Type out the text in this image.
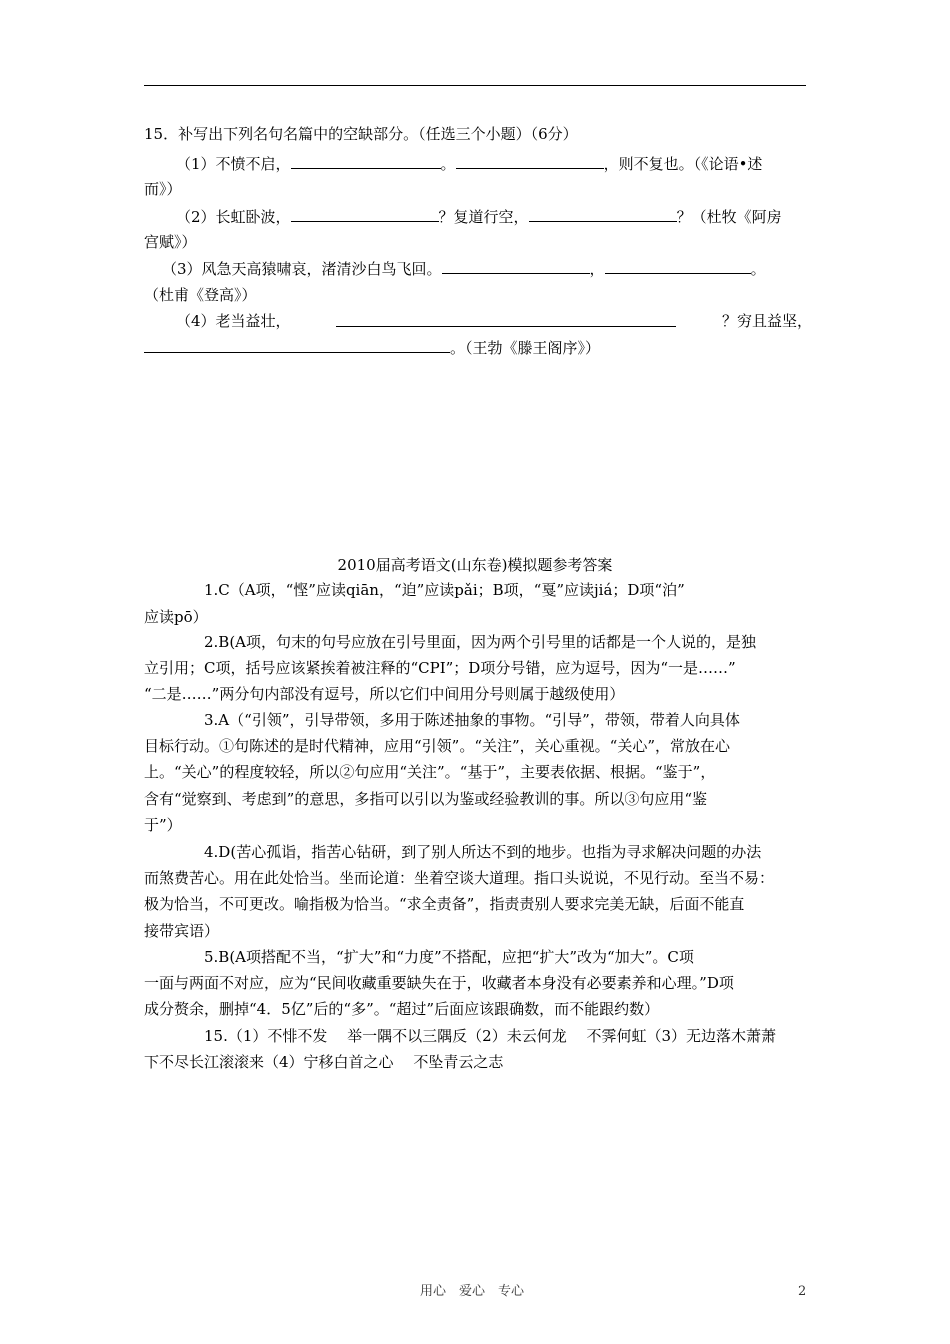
15．补写出下列名句名篇中的空缺部分。（任选三个小题）（6分）
（1）不愤不启，	。	，则不复也。（《论语•述
而》）
（2）长虹卧波，	？复道行空，	？（杜牧《阿房
宫赋》）
（3）风急天高猿啸哀，渚清沙白鸟飞回。	，	。
（杜甫《登高》）
（4）老当益壮，	？穷且益坚，
。（王勃《滕王阁序》）
2010届高考语文(山东卷)模拟题参考答案
1.C（A项，“悭”应读qiān，“迫”应读pǎi；B项，“戛”应读jiá；D项“泊”
应读pō）
2.B(A项，句末的句号应放在引号里面，因为两个引号里的话都是一个人说的，是独
立引用；C项，括号应该紧挨着被注释的“CPI”；D项分号错，应为逗号，因为“一是……”
“二是……”两分句内部没有逗号，所以它们中间用分号则属于越级使用）
3.A（“引领”，引导带领，多用于陈述抽象的事物。“引导”，带领，带着人向具体
目标行动。①句陈述的是时代精神，应用“引领”。“关注”，关心重视。“关心”，常放在心
上。“关心”的程度较轻，所以②句应用“关注”。“基于”，主要表依据、根据。“鉴于”，
含有“觉察到、考虑到”的意思，多指可以引以为鉴或经验教训的事。所以③句应用“鉴
于”）
4.D(苦心孤诣，指苦心钻研，到了别人所达不到的地步。也指为寻求解决问题的办法
而煞费苦心。用在此处恰当。坐而论道：坐着空谈大道理。指口头说说，不见行动。至当不易：
极为恰当，不可更改。喻指极为恰当。“求全责备”，指责责别人要求完美无缺，后面不能直
接带宾语）
5.B(A项搭配不当，“扩大”和“力度”不搭配，应把“扩大”改为“加大”。C项
一面与两面不对应，应为“民间收藏重要缺失在于，收藏者本身没有必要素养和心理。”D项
成分赘余，删掉“4．5亿”后的“多”。“超过”后面应该跟确数，而不能跟约数）
15.（1）不悱不发　 举一隅不以三隅反（2）未云何龙　 不霁何虹（3）无边落木萧萧
下不尽长江滚滚来（4）宁移白首之心　 不坠青云之志
用心　爱心　专心	2
